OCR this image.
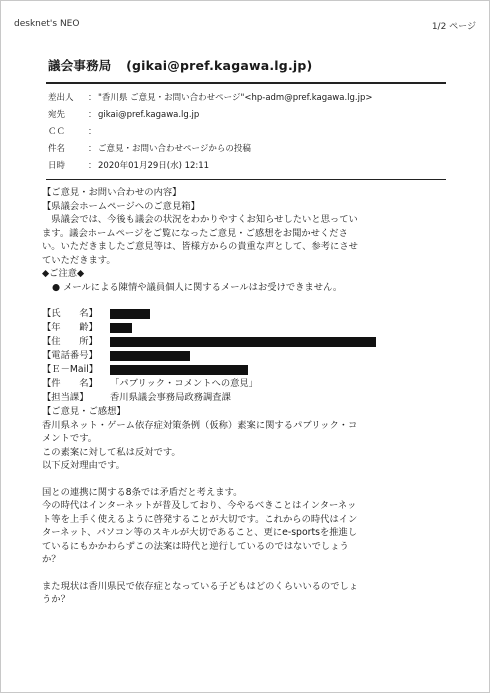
desknet's NEO	1/2 ページ
議会事務局 (gikai@pref.kagawa.lg.jp)
差出人 ："香川県 ご意見・お問い合わせページ"<hp-adm@pref.kagawa.lg.jp>
宛先	：gikai@pref.kagawa.lg.jp
ＣＣ	：
件名	：ご意見・お問い合わせページからの投稿
日時	：2020年01月29日(水) 12:11

【ご意見・お問い合わせの内容】

【県議会ホームページへのご意見箱】

　県議会では、今後も議会の状況をわかりやすくお知らせしたいと思ってい

ます。議会ホームページをご覧になったご意見・ご感想をお聞かせくださ

い。いただきましたご意見等は、皆様方からの貴重な声として、参考にさせ

ていただきます。

◆ご注意◆

● メールによる陳情や議員個人に関するメールはお受けできません。

【氏　　名】
【年　　齢】
【住　　所】
【電話番号】
【Ｅ－Mail】
【件　　名】 「パブリック・コメントへの意見」
【担当課】 香川県議会事務局政務調査課

【ご意見・ご感想】

香川県ネット・ゲーム依存症対策条例（仮称）素案に関するパブリック・コ

メントです。

この素案に対して私は反対です。

以下反対理由です。

国との連携に関する8条では矛盾だと考えます。

今の時代はインターネットが普及しており、今やるべきことはインターネッ

ト等を上手く使えるように啓発することが大切です。これからの時代はイン

ターネット、パソコン等のスキルが大切であること、更にe-sportsを推進し

ているにもかかわらずこの法案は時代と逆行しているのではないでしょう

か？

また現状は香川県民で依存症となっている子どもはどのくらいいるのでしょ

うか？
